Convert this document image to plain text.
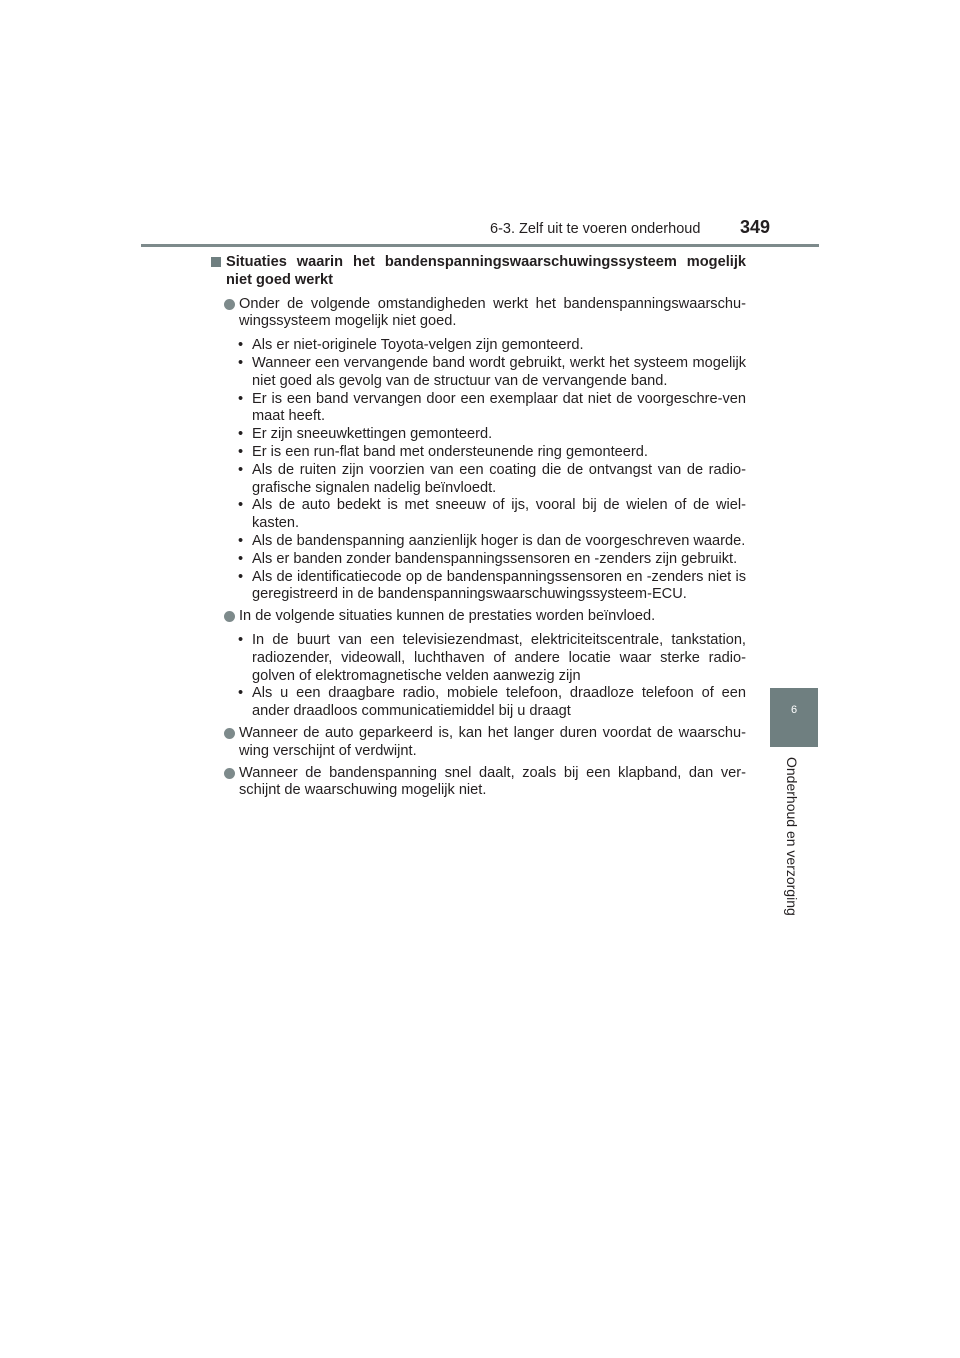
6-3. Zelf uit te voeren onderhoud 349
6
Onderhoud en verzorging
Situaties waarin het bandenspanningswaarschuwingssysteem mogelijk niet goed werkt
Onder de volgende omstandigheden werkt het bandenspanningswaarschu-wingssysteem mogelijk niet goed.
• Als er niet-originele Toyota-velgen zijn gemonteerd.
• Wanneer een vervangende band wordt gebruikt, werkt het systeem mogelijk niet goed als gevolg van de structuur van de vervangende band.
• Er is een band vervangen door een exemplaar dat niet de voorgeschre-ven maat heeft.
• Er zijn sneeuwkettingen gemonteerd.
• Er is een run-flat band met ondersteunende ring gemonteerd.
• Als de ruiten zijn voorzien van een coating die de ontvangst van de radio-grafische signalen nadelig beïnvloedt.
• Als de auto bedekt is met sneeuw of ijs, vooral bij de wielen of de wiel-kasten.
• Als de bandenspanning aanzienlijk hoger is dan de voorgeschreven waarde.
• Als er banden zonder bandenspanningssensoren en -zenders zijn gebruikt.
• Als de identificatiecode op de bandenspanningssensoren en -zenders niet is geregistreerd in de bandenspanningswaarschuwingssysteem-ECU.
In de volgende situaties kunnen de prestaties worden beïnvloed.
• In de buurt van een televisiezendmast, elektriciteitscentrale, tankstation, radiozender, videowall, luchthaven of andere locatie waar sterke radio-golven of elektromagnetische velden aanwezig zijn
• Als u een draagbare radio, mobiele telefoon, draadloze telefoon of een ander draadloos communicatiemiddel bij u draagt
Wanneer de auto geparkeerd is, kan het langer duren voordat de waarschu-wing verschijnt of verdwijnt.
Wanneer de bandenspanning snel daalt, zoals bij een klapband, dan ver-schijnt de waarschuwing mogelijk niet.
